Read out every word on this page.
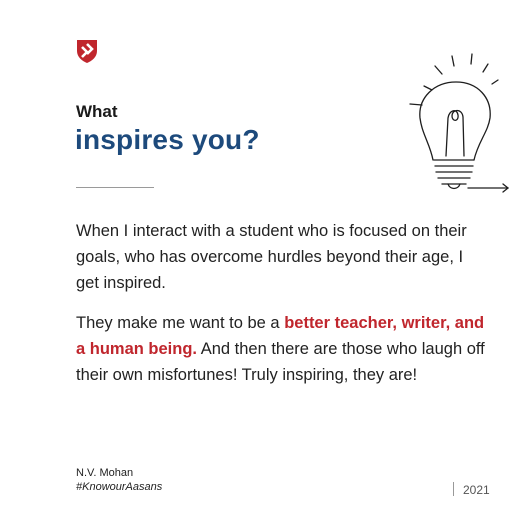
What

inspires you?

When I interact with a student who is focused on their goals, who has overcome hurdles beyond their age, I get inspired.

They make me want to be a better teacher, writer, and a human being. And then there are those who laugh off their own misfortunes! Truly inspiring, they are!

N.V. Mohan

#KnowourAasans	2021
